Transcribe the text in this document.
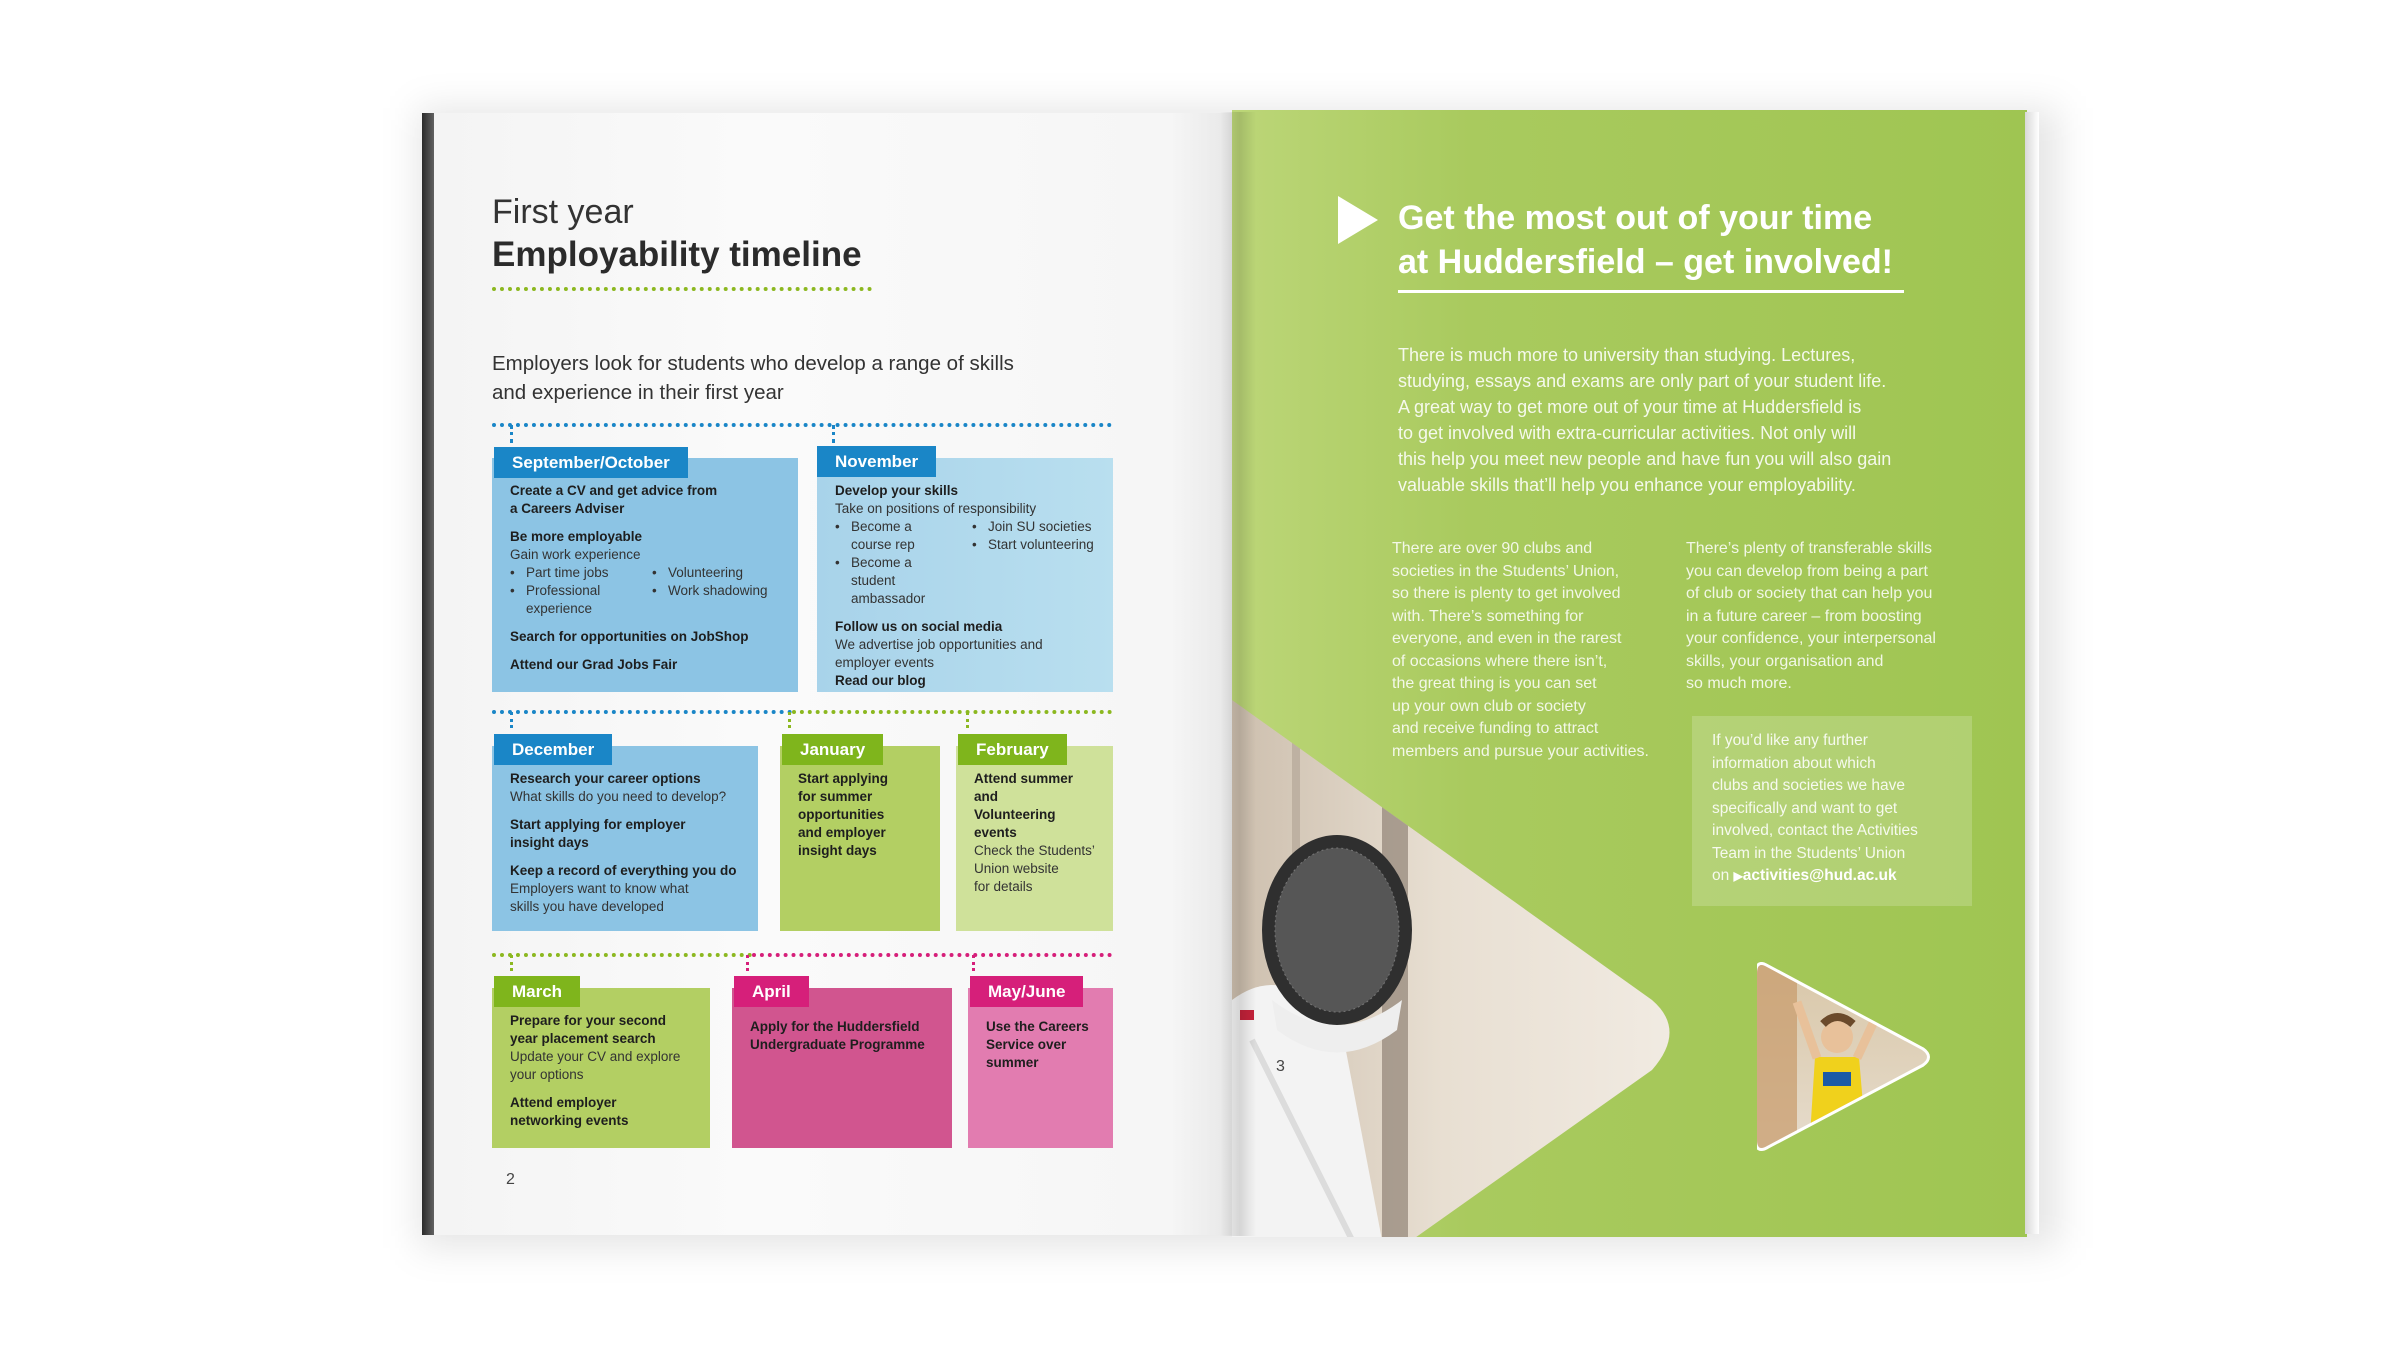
First year
Employability timeline
Employers look for students who develop a range of skills
and experience in their first year
Create a CV and get advice from
a Careers Adviser
Be more employable
Gain work experience
• Part time jobs
• Professional
experience
• Volunteering
• Work shadowing
Search for opportunities on JobShop
Attend our Grad Jobs Fair
September/October
Develop your skills
Take on positions of responsibility
• Become a
course rep
• Become a student
ambassador
• Join SU societies
• Start volunteering
Follow us on social media
We advertise job opportunities and
employer events
Read our blog
November
Research your career options
What skills do you need to develop?
Start applying for employer
insight days
Keep a record of everything you do
Employers want to know what
skills you have developed
December
Start applying
for summer
opportunities
and employer
insight days
January
Attend summer and
Volunteering events
Check the Students’
Union website
for details
February
Prepare for your second
year placement search
Update your CV and explore
your options
Attend employer
networking events
March
Apply for the Huddersfield
Undergraduate Programme
April
Use the Careers
Service over
summer
May/June
2
Get the most out of your time
at Huddersfield – get involved!
There is much more to university than studying. Lectures,
studying, essays and exams are only part of your student life.
A great way to get more out of your time at Huddersfield is
to get involved with extra-curricular activities. Not only will
this help you meet new people and have fun you will also gain
valuable skills that’ll help you enhance your employability.
There are over 90 clubs and
societies in the Students’ Union,
so there is plenty to get involved
with. There’s something for
everyone, and even in the rarest
of occasions where there isn’t,
the great thing is you can set
up your own club or society
and receive funding to attract
members and pursue your activities.
There’s plenty of transferable skills
you can develop from being a part
of club or society that can help you
in a future career – from boosting
your confidence, your interpersonal
skills, your organisation and
so much more.
If you’d like any further
information about which
clubs and societies we have
specifically and want to get
involved, contact the Activities
Team in the Students’ Union
on ▶activities@hud.ac.uk
3
